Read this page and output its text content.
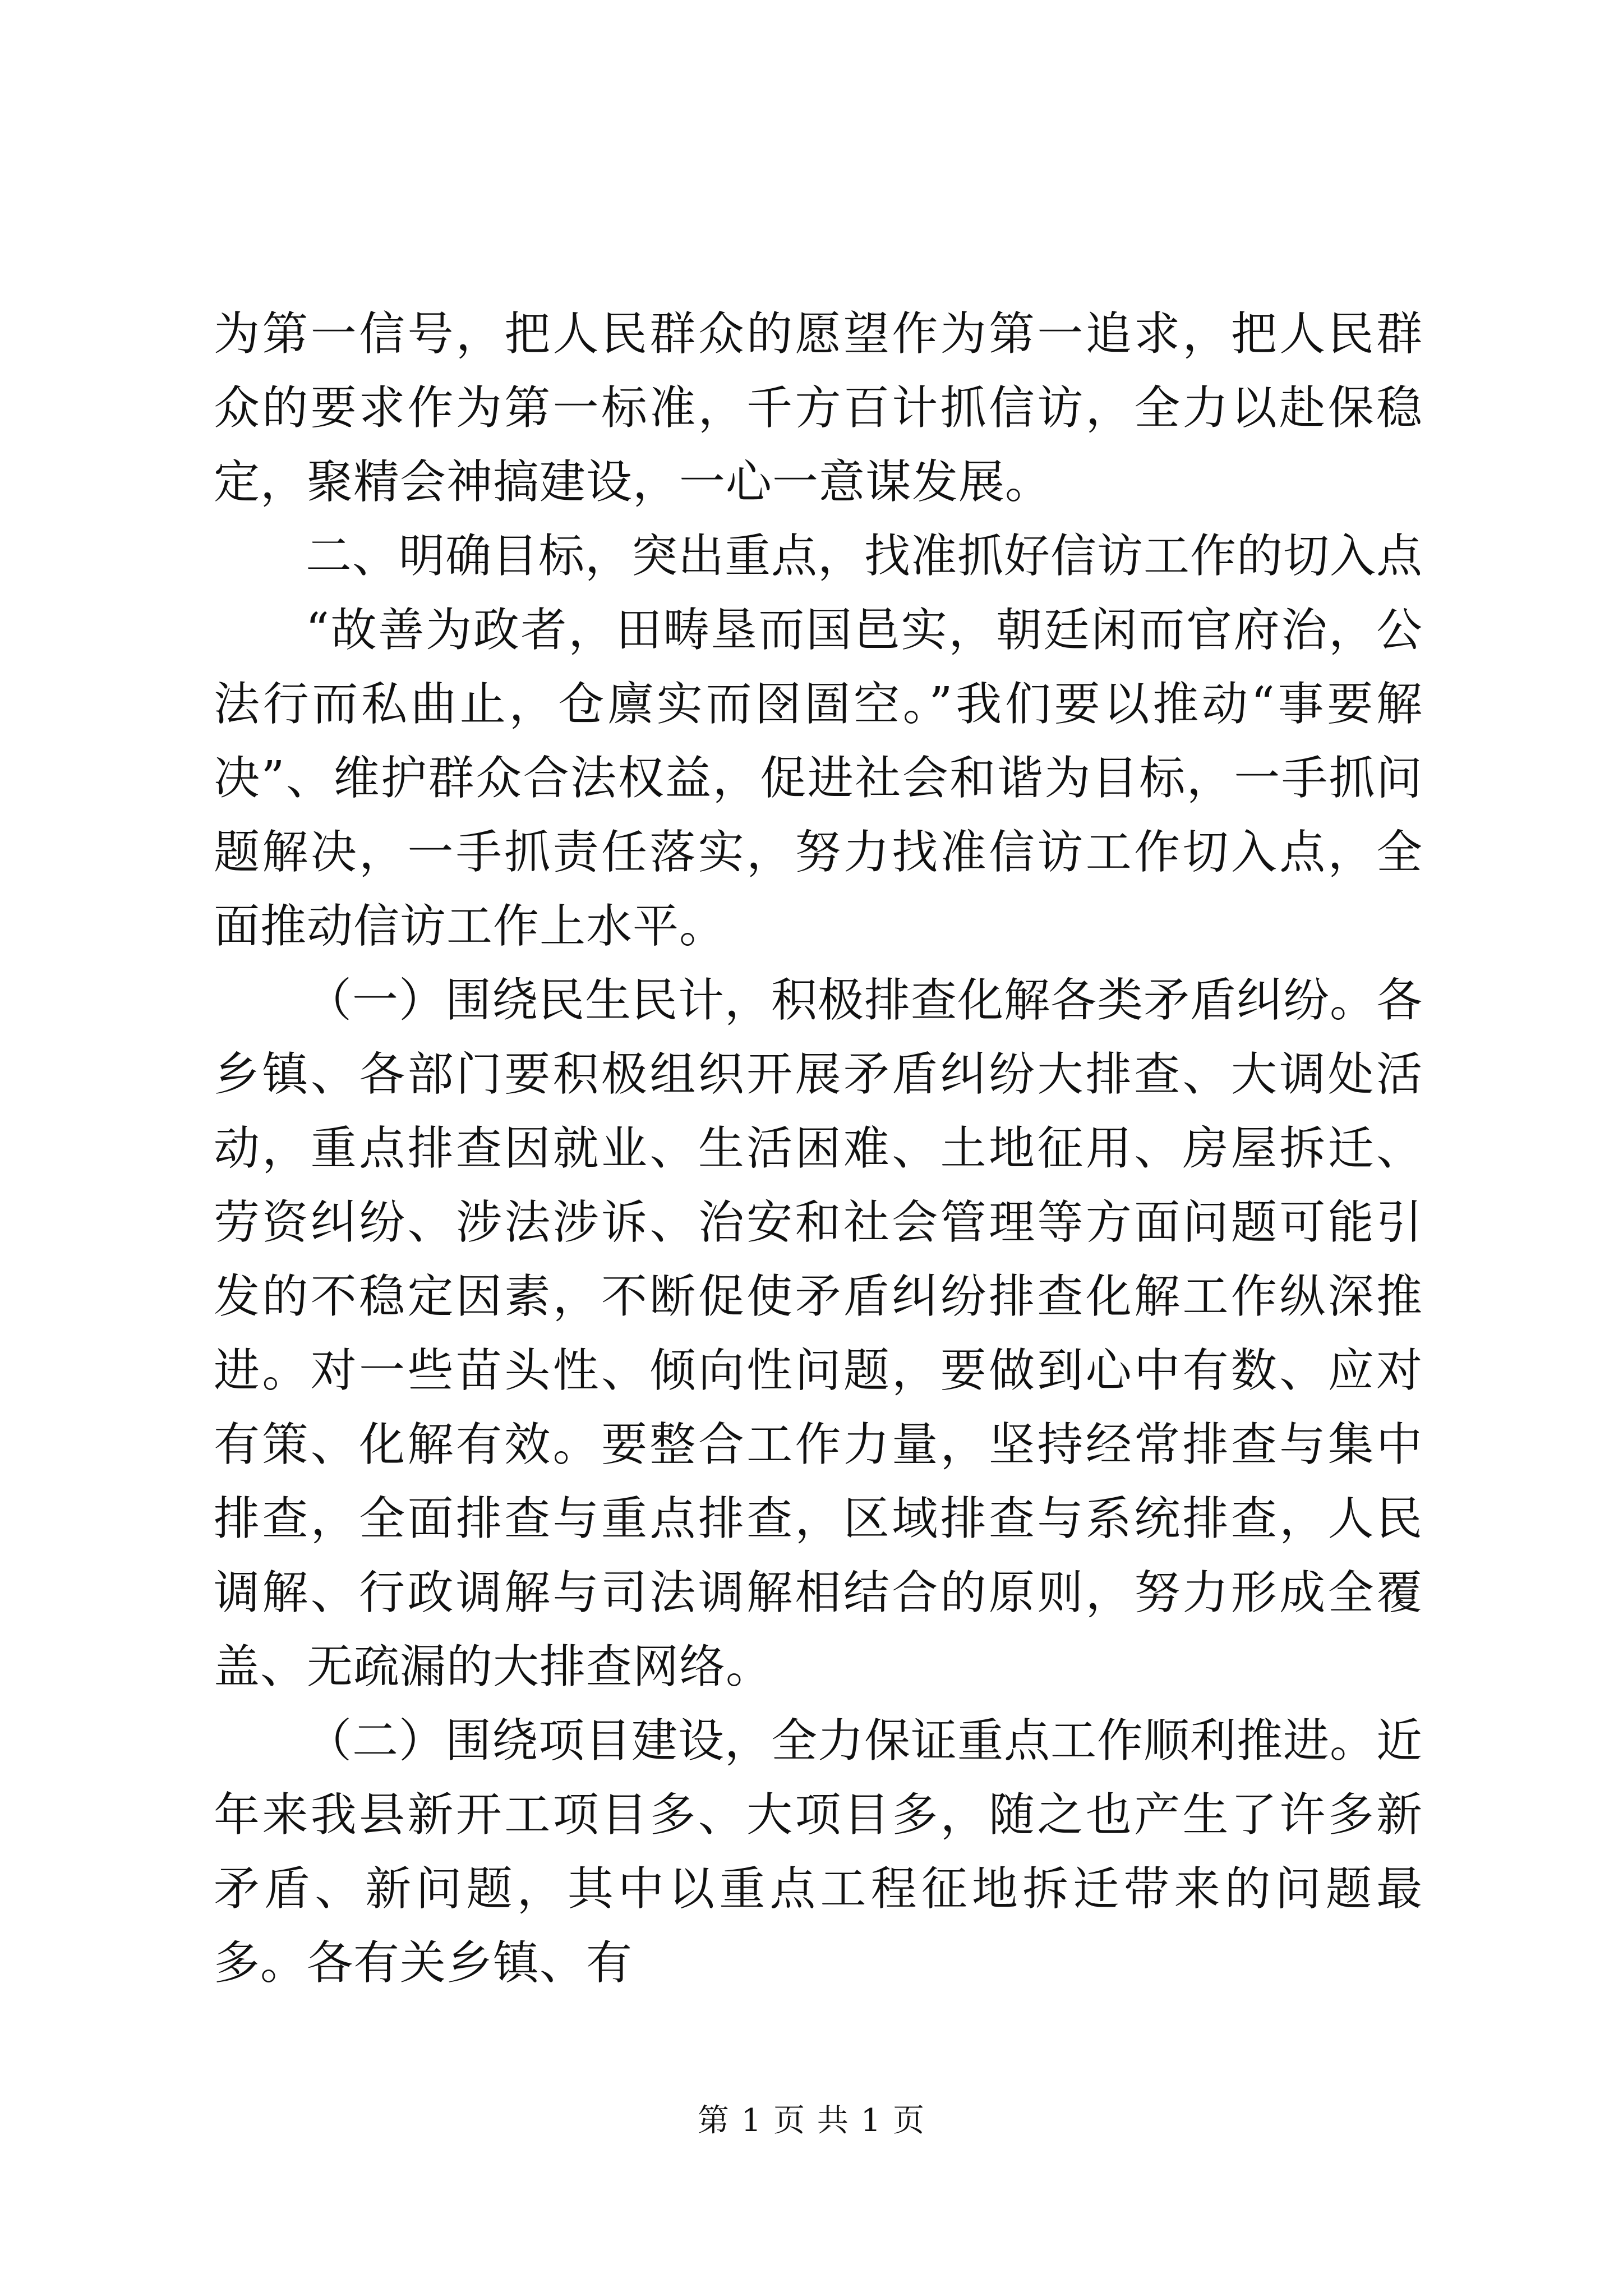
为第一信号，把人民群众的愿望作为第一追求，把人民群众的要求作为第一标准，千方百计抓信访，全力以赴保稳定，聚精会神搞建设，一心一意谋发展。

二、明确目标，突出重点，找准抓好信访工作的切入点

“故善为政者，田畴垦而国邑实，朝廷闲而官府治，公法行而私曲止，仓廪实而囹圄空。”我们要以推动“事要解决”、维护群众合法权益，促进社会和谐为目标，一手抓问题解决，一手抓责任落实，努力找准信访工作切入点，全面推动信访工作上水平。

（一）围绕民生民计，积极排查化解各类矛盾纠纷。各乡镇、各部门要积极组织开展矛盾纠纷大排查、大调处活动，重点排查因就业、生活困难、土地征用、房屋拆迁、劳资纠纷、涉法涉诉、治安和社会管理等方面问题可能引发的不稳定因素，不断促使矛盾纠纷排查化解工作纵深推进。对一些苗头性、倾向性问题，要做到心中有数、应对有策、化解有效。要整合工作力量，坚持经常排查与集中排查，全面排查与重点排查，区域排查与系统排查，人民调解、行政调解与司法调解相结合的原则，努力形成全覆盖、无疏漏的大排查网络。

（二）围绕项目建设，全力保证重点工作顺利推进。近年来我县新开工项目多、大项目多，随之也产生了许多新矛盾、新问题，其中以重点工程征地拆迁带来的问题最多。各有关乡镇、有

第 1 页 共 1 页
